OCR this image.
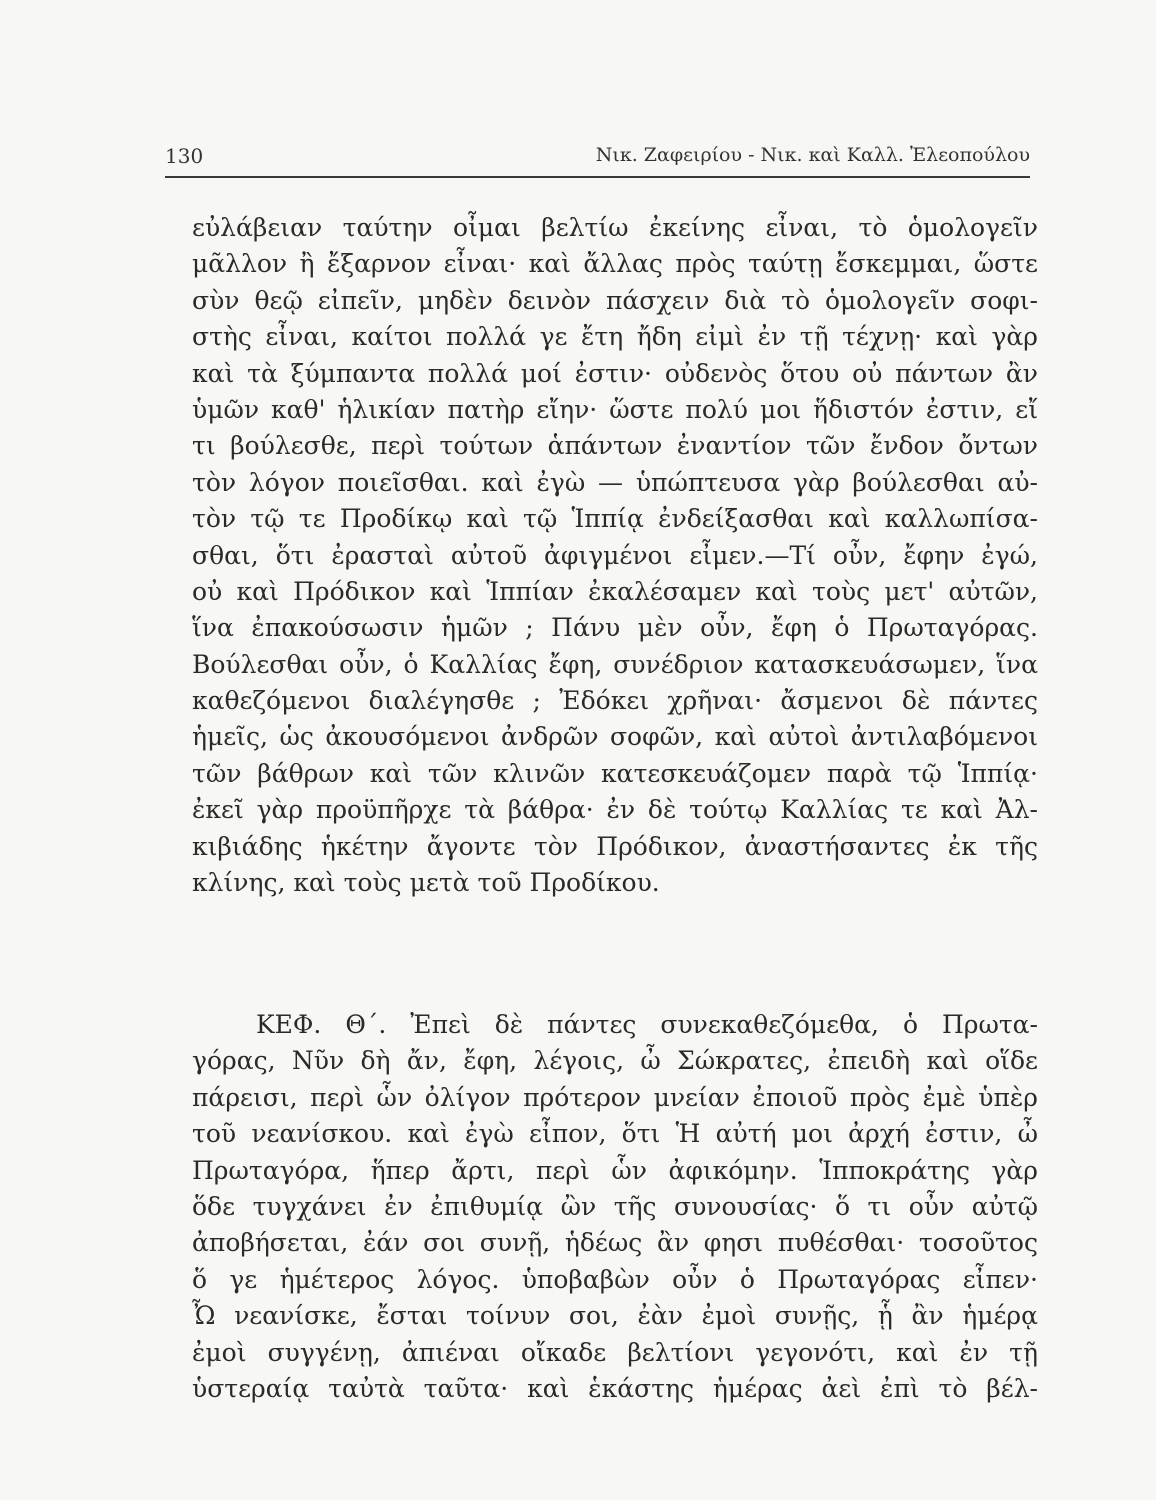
130	Νικ. Ζαφειρίου - Νικ. καὶ Καλλ. Ἐλεοπούλου
εὐλάβειαν ταύτην οἶμαι βελτίω ἐκείνης εἶναι, τὸ ὁμολογεῖν
μᾶλλον ἢ ἔξαρνον εἶναι· καὶ ἄλλας πρὸς ταύτῃ ἔσκεμμαι, ὥστε
σὺν θεῷ εἰπεῖν, μηδὲν δεινὸν πάσχειν διὰ τὸ ὁμολογεῖν σοφι-
στὴς εἶναι, καίτοι πολλά γε ἔτη ἤδη εἰμὶ ἐν τῇ τέχνῃ· καὶ γὰρ
καὶ τὰ ξύμπαντα πολλά μοί ἐστιν· οὐδενὸς ὅτου οὐ πάντων ἂν
ὑμῶν καθ' ἡλικίαν πατὴρ εἴην· ὥστε πολύ μοι ἥδιστόν ἐστιν, εἴ
τι βούλεσθε, περὶ τούτων ἁπάντων ἐναντίον τῶν ἔνδον ὄντων
τὸν λόγον ποιεῖσθαι. καὶ ἐγὼ — ὑπώπτευσα γὰρ βούλεσθαι αὐ-
τὸν τῷ τε Προδίκῳ καὶ τῷ Ἱππίᾳ ἐνδείξασθαι καὶ καλλωπίσα-
σθαι, ὅτι ἐρασταὶ αὐτοῦ ἀφιγμένοι εἶμεν.—Τί οὖν, ἔφην ἐγώ,
οὐ καὶ Πρόδικον καὶ Ἱππίαν ἐκαλέσαμεν καὶ τοὺς μετ' αὐτῶν,
ἵνα ἐπακούσωσιν ἡμῶν ; Πάνυ μὲν οὖν, ἔφη ὁ Πρωταγόρας.
Βούλεσθαι οὖν, ὁ Καλλίας ἔφη, συνέδριον κατασκευάσωμεν, ἵνα
καθεζόμενοι διαλέγησθε ; Ἐδόκει χρῆναι· ἄσμενοι δὲ πάντες
ἡμεῖς, ὡς ἀκουσόμενοι ἀνδρῶν σοφῶν, καὶ αὐτοὶ ἀντιλαβόμενοι
τῶν βάθρων καὶ τῶν κλινῶν κατεσκευάζομεν παρὰ τῷ Ἱππίᾳ·
ἐκεῖ γὰρ προϋπῆρχε τὰ βάθρα· ἐν δὲ τούτῳ Καλλίας τε καὶ Ἀλ-
κιβιάδης ἡκέτην ἄγοντε τὸν Πρόδικον, ἀναστήσαντες ἐκ τῆς
κλίνης, καὶ τοὺς μετὰ τοῦ Προδίκου.
ΚΕΦ. Θ΄. Ἐπεὶ δὲ πάντες συνεκαθεζόμεθα, ὁ Πρωτα-
γόρας, Νῦν δὴ ἄν, ἔφη, λέγοις, ὦ Σώκρατες, ἐπειδὴ καὶ οἵδε
πάρεισι, περὶ ὧν ὀλίγον πρότερον μνείαν ἐποιοῦ πρὸς ἐμὲ ὑπὲρ
τοῦ νεανίσκου. καὶ ἐγὼ εἶπον, ὅτι Ἡ αὐτή μοι ἀρχή ἐστιν, ὦ
Πρωταγόρα, ἥπερ ἄρτι, περὶ ὧν ἀφικόμην. Ἱπποκράτης γὰρ
ὅδε τυγχάνει ἐν ἐπιθυμίᾳ ὢν τῆς συνουσίας· ὅ τι οὖν αὐτῷ
ἀποβήσεται, ἐάν σοι συνῇ, ἡδέως ἂν φησι πυθέσθαι· τοσοῦτος
ὅ γε ἡμέτερος λόγος. ὑποβαβὼν οὖν ὁ Πρωταγόρας εἶπεν·
Ὦ νεανίσκε, ἔσται τοίνυν σοι, ἐὰν ἐμοὶ συνῇς, ᾗ ἂν ἡμέρᾳ
ἐμοὶ συγγένῃ, ἀπιέναι οἴκαδε βελτίονι γεγονότι, καὶ ἐν τῇ
ὑστεραίᾳ ταὐτὰ ταῦτα· καὶ ἑκάστης ἡμέρας ἀεὶ ἐπὶ τὸ βέλ-
